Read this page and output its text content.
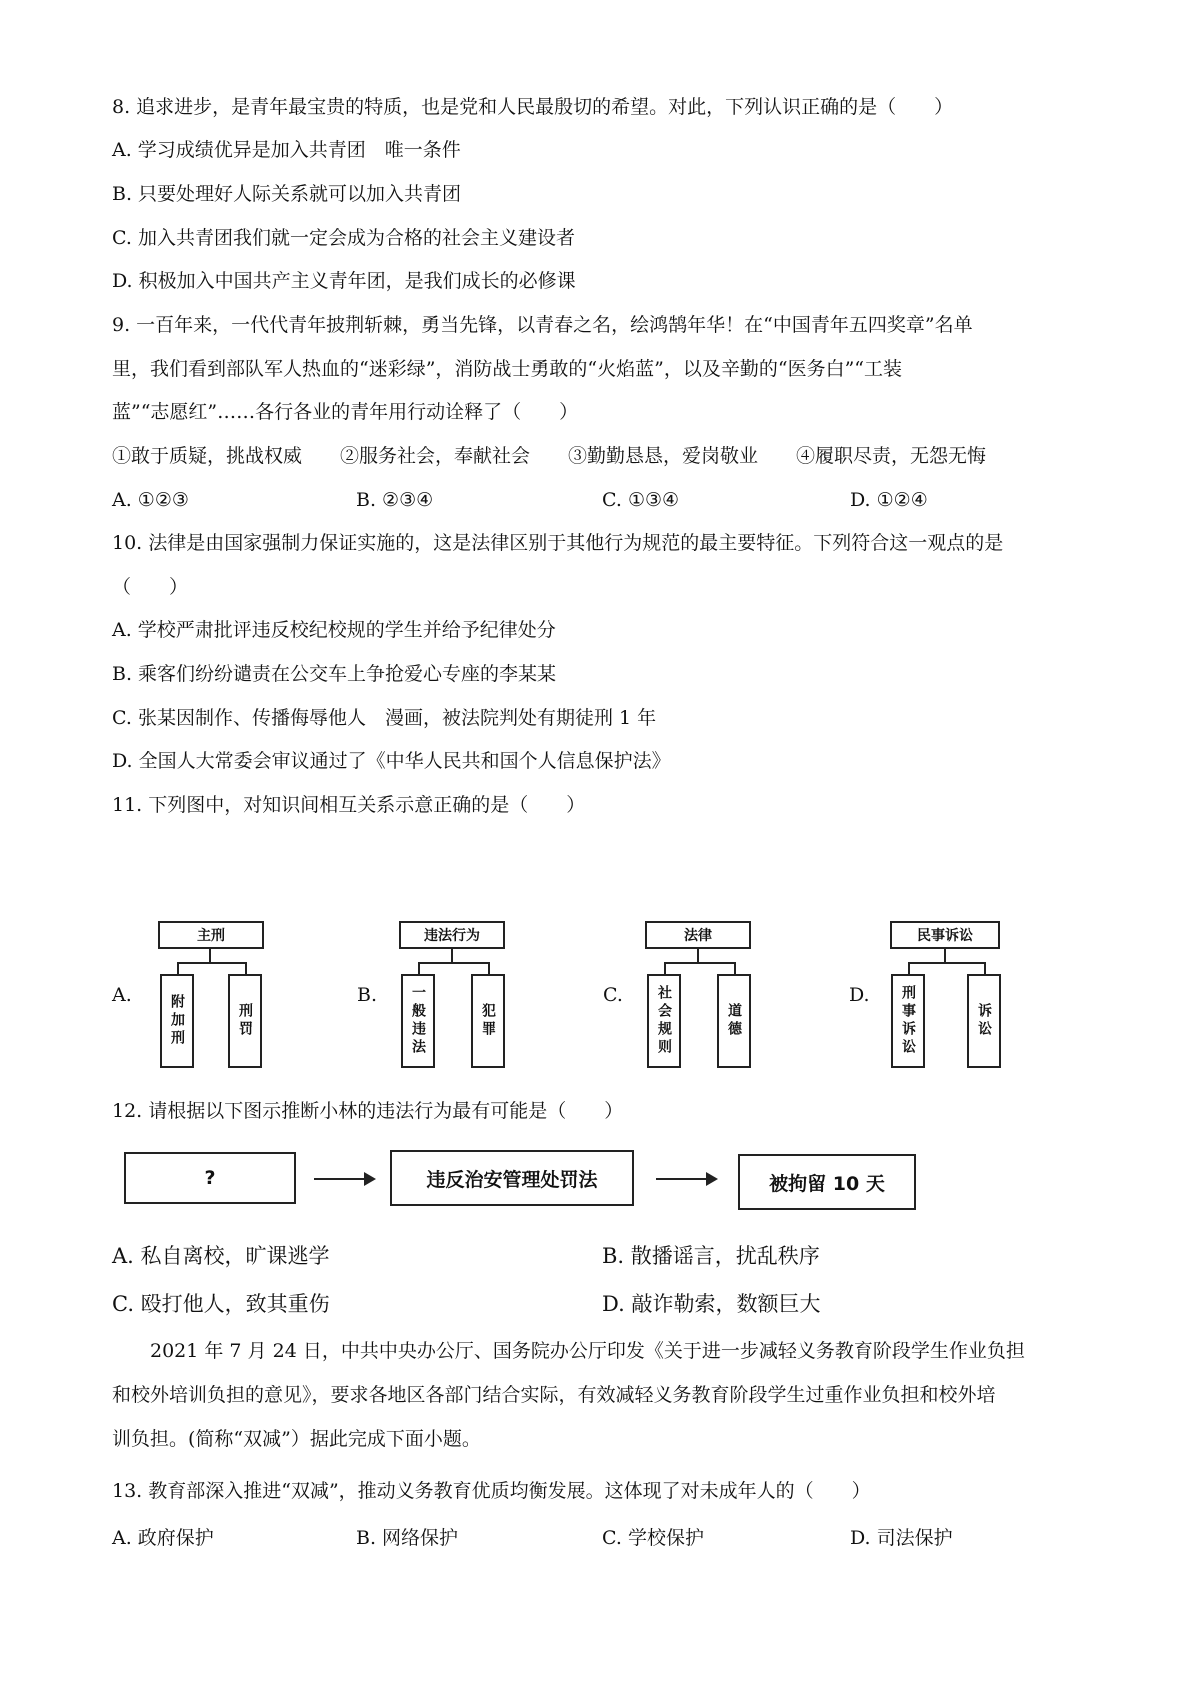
8. 追求进步，是青年最宝贵的特质，也是党和人民最殷切的希望。对此，下列认识正确的是（　　）
A. 学习成绩优异是加入共青团　唯一条件
B. 只要处理好人际关系就可以加入共青团
C. 加入共青团我们就一定会成为合格的社会主义建设者
D. 积极加入中国共产主义青年团，是我们成长的必修课
9. 一百年来，一代代青年披荆斩棘，勇当先锋，以青春之名，绘鸿鹄年华！在“中国青年五四奖章”名单
里，我们看到部队军人热血的“迷彩绿”，消防战士勇敢的“火焰蓝”，以及辛勤的“医务白”“工装
蓝”“志愿红”……各行各业的青年用行动诠释了（　　）
①敢于质疑，挑战权威　　②服务社会，奉献社会　　③勤勤恳恳，爱岗敬业　　④履职尽责，无怨无悔
A. ①②③	B. ②③④	C. ①③④	D. ①②④
10. 法律是由国家强制力保证实施的，这是法律区别于其他行为规范的最主要特征。下列符合这一观点的是
（　　）
A. 学校严肃批评违反校纪校规的学生并给予纪律处分
B. 乘客们纷纷谴责在公交车上争抢爱心专座的李某某
C. 张某因制作、传播侮辱他人　漫画，被法院判处有期徒刑 1 年
D. 全国人大常委会审议通过了《中华人民共和国个人信息保护法》
11. 下列图中，对知识间相互关系示意正确的是（　　）
A.
主刑
附加刑	刑罚
B.
违法行为
一般违法	犯罪
C.
法律
社会规则	道德
D.
民事诉讼
刑事诉讼	诉讼
12. 请根据以下图示推断小林的违法行为最有可能是（　　）
?	违反治安管理处罚法	被拘留 10 天
A. 私自离校，旷课逃学	B. 散播谣言，扰乱秩序
C. 殴打他人，致其重伤	D. 敲诈勒索，数额巨大
　　2021 年 7 月 24 日，中共中央办公厅、国务院办公厅印发《关于进一步减轻义务教育阶段学生作业负担
和校外培训负担的意见》，要求各地区各部门结合实际，有效减轻义务教育阶段学生过重作业负担和校外培
训负担。(简称“双减”）据此完成下面小题。
13. 教育部深入推进“双减”，推动义务教育优质均衡发展。这体现了对未成年人的（　　）
A. 政府保护	B. 网络保护	C. 学校保护	D. 司法保护
